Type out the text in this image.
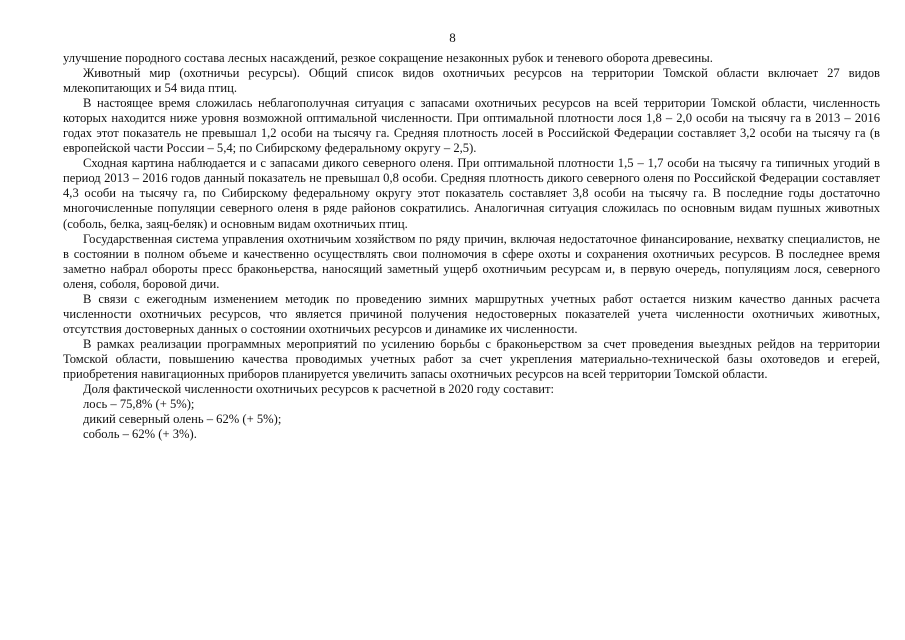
8

улучшение породного состава лесных насаждений, резкое сокращение незаконных рубок и теневого оборота древесины.

Животный мир (охотничьи ресурсы). Общий список видов охотничьих ресурсов на территории Томской области включает 27 видов млекопитающих и 54 вида птиц.

В настоящее время сложилась неблагополучная ситуация с запасами охотничьих ресурсов на всей территории Томской области, численность которых находится ниже уровня возможной оптимальной численности. При оптимальной плотности лося 1,8 – 2,0 особи на тысячу га в 2013 – 2016 годах этот показатель не превышал 1,2 особи на тысячу га. Средняя плотность лосей в Российской Федерации составляет 3,2 особи на тысячу га (в европейской части России – 5,4; по Сибирскому федеральному округу – 2,5).

Сходная картина наблюдается и с запасами дикого северного оленя. При оптимальной плотности 1,5 – 1,7 особи на тысячу га типичных угодий в период 2013 – 2016 годов данный показатель не превышал 0,8 особи. Средняя плотность дикого северного оленя по Российской Федерации составляет 4,3 особи на тысячу га, по Сибирскому федеральному округу этот показатель составляет 3,8 особи на тысячу га. В последние годы достаточно многочисленные популяции северного оленя в ряде районов сократились. Аналогичная ситуация сложилась по основным видам пушных животных (соболь, белка, заяц-беляк) и основным видам охотничьих птиц.

Государственная система управления охотничьим хозяйством по ряду причин, включая недостаточное финансирование, нехватку специалистов, не в состоянии в полном объеме и качественно осуществлять свои полномочия в сфере охоты и сохранения охотничьих ресурсов. В последнее время заметно набрал обороты пресс браконьерства, наносящий заметный ущерб охотничьим ресурсам и, в первую очередь, популяциям лося, северного оленя, соболя, боровой дичи.

В связи с ежегодным изменением методик по проведению зимних маршрутных учетных работ остается низким качество данных расчета численности охотничьих ресурсов, что является причиной получения недостоверных показателей учета численности охотничьих животных, отсутствия достоверных данных о состоянии охотничьих ресурсов и динамике их численности.

В рамках реализации программных мероприятий по усилению борьбы с браконьерством за счет проведения выездных рейдов на территории Томской области, повышению качества проводимых учетных работ за счет укрепления материально-технической базы охотоведов и егерей, приобретения навигационных приборов планируется увеличить запасы охотничьих ресурсов на всей территории Томской области.

Доля фактической численности охотничьих ресурсов к расчетной в 2020 году составит:

лось – 75,8% (+ 5%);

дикий северный олень – 62% (+ 5%);

соболь – 62% (+ 3%).
